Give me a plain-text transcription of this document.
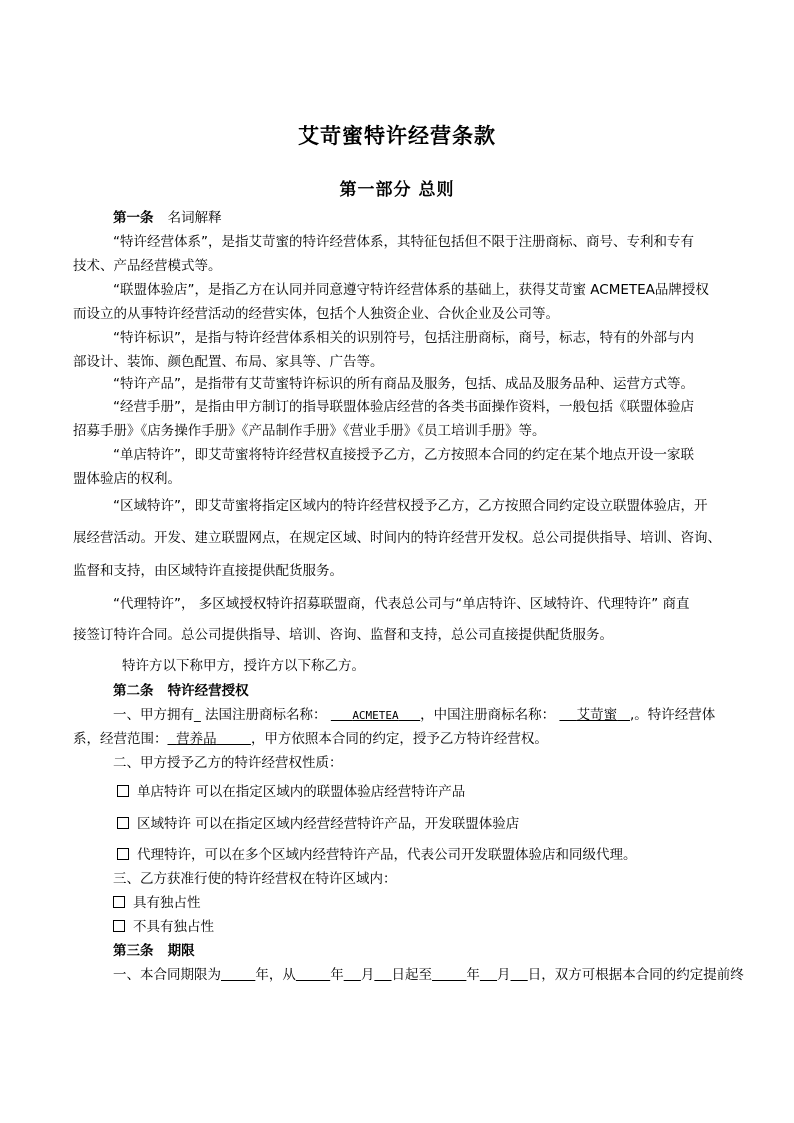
艾苛蜜特许经营条款
第一部分 总则
第一条 名词解释
“特许经营体系”，是指艾苛蜜的特许经营体系，其特征包括但不限于注册商标、商号、专利和专有
技术、产品经营模式等。
“联盟体验店”，是指乙方在认同并同意遵守特许经营体系的基础上，获得艾苛蜜 ACMETEA品牌授权
而设立的从事特许经营活动的经营实体，包括个人独资企业、合伙企业及公司等。
“特许标识”，是指与特许经营体系相关的识别符号，包括注册商标，商号，标志，特有的外部与内
部设计、装饰、颜色配置、布局、家具等、广告等。
“特许产品”，是指带有艾苛蜜特许标识的所有商品及服务，包括、成品及服务品种、运营方式等。
“经营手册”，是指由甲方制订的指导联盟体验店经营的各类书面操作资料，一般包括《联盟体验店
招募手册》《店务操作手册》《产品制作手册》《营业手册》《员工培训手册》等。
“单店特许”，即艾苛蜜将特许经营权直接授予乙方，乙方按照本合同的约定在某个地点开设一家联
盟体验店的权利。
“区域特许”，即艾苛蜜将指定区域内的特许经营权授予乙方，乙方按照合同约定设立联盟体验店，开
展经营活动。开发、建立联盟网点，在规定区域、时间内的特许经营开发权。总公司提供指导、培训、咨询、
监督和支持，由区域特许直接提供配货服务。
“代理特许”， 多区域授权特许招募联盟商，代表总公司与“单店特许、区域特许、代理特许” 商直
接签订特许合同。总公司提供指导、培训、咨询、监督和支持，总公司直接提供配货服务。
特许方以下称甲方，授许方以下称乙方。
第二条 特许经营授权
一、甲方拥有_ 法国注册商标名称： ACMETEA ，中国注册商标名称： 艾苛蜜 ,。特许经营体
系，经营范围： 营养品	，甲方依照本合同的约定，授予乙方特许经营权。
二、甲方授予乙方的特许经营权性质：
单店特许 可以在指定区域内的联盟体验店经营特许产品
区域特许 可以在指定区域内经营经营特许产品，开发联盟体验店
代理特许，可以在多个区域内经营特许产品，代表公司开发联盟体验店和同级代理。
三、乙方获准行使的特许经营权在特许区域内：
具有独占性
不具有独占性
第三条 期限
一、本合同期限为	年，从	年 月 日起至	年 月 日，双方可根据本合同的约定提前终
